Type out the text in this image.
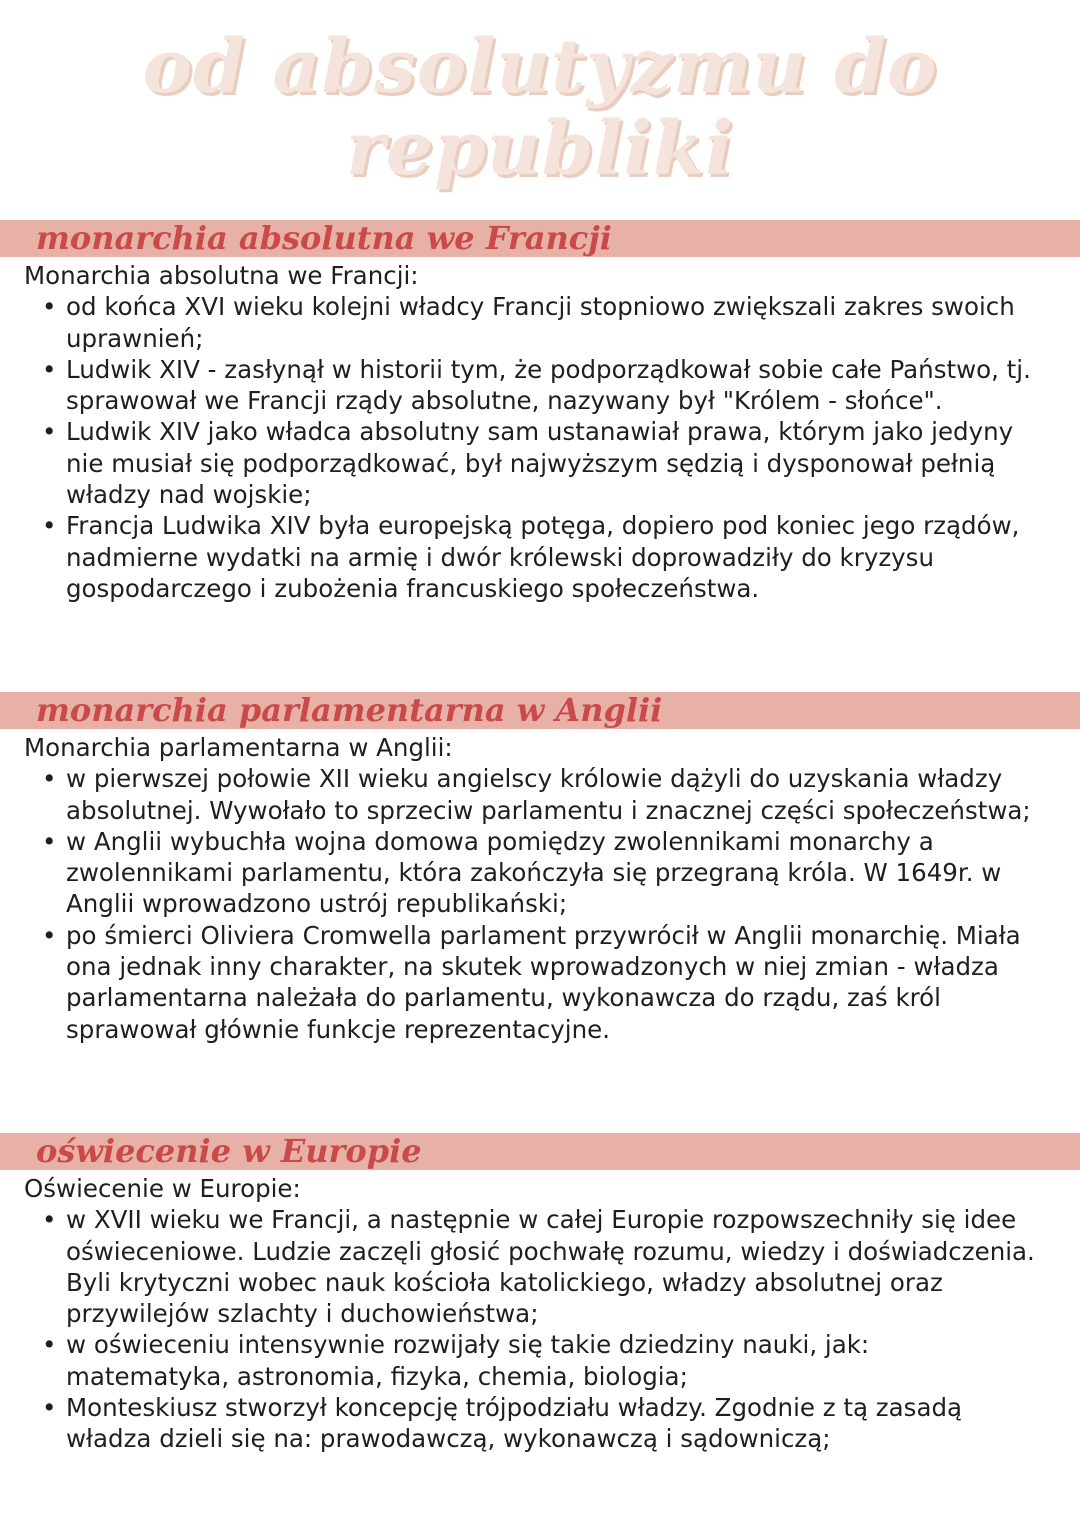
od absolutyzmu do
republiki
monarchia absolutna we Francji

Monarchia absolutna we Francji:

• od końca XVI wieku kolejni władcy Francji stopniowo zwiększali zakres swoich uprawnień;
• Ludwik XIV - zasłynął w historii tym, że podporządkował sobie całe Państwo, tj. sprawował we Francji rządy absolutne, nazywany był "Królem - słońce".
• Ludwik XIV jako władca absolutny sam ustanawiał prawa, którym jako jedyny nie musiał się podporządkować, był najwyższym sędzią i dysponował pełnią władzy nad wojskie;
• Francja Ludwika XIV była europejską potęga, dopiero pod koniec jego rządów, nadmierne wydatki na armię i dwór królewski doprowadziły do kryzysu gospodarczego i zubożenia francuskiego społeczeństwa.
monarchia parlamentarna w Anglii

Monarchia parlamentarna w Anglii:

• w pierwszej połowie XII wieku angielscy królowie dążyli do uzyskania władzy absolutnej. Wywołało to sprzeciw parlamentu i znacznej części społeczeństwa;
• w Anglii wybuchła wojna domowa pomiędzy zwolennikami monarchy a zwolennikami parlamentu, która zakończyła się przegraną króla. W 1649r. w Anglii wprowadzono ustrój republikański;
• po śmierci Oliviera Cromwella parlament przywrócił w Anglii monarchię. Miała ona jednak inny charakter, na skutek wprowadzonych w niej zmian - władza parlamentarna należała do parlamentu, wykonawcza do rządu, zaś król sprawował głównie funkcje reprezentacyjne.
oświecenie w Europie

Oświecenie w Europie:

• w XVII wieku we Francji, a następnie w całej Europie rozpowszechniły się idee oświeceniowe. Ludzie zaczęli głosić pochwałę rozumu, wiedzy i doświadczenia. Byli krytyczni wobec nauk kościoła katolickiego, władzy absolutnej oraz przywilejów szlachty i duchowieństwa;
• w oświeceniu intensywnie rozwijały się takie dziedziny nauki, jak: matematyka, astronomia, fizyka, chemia, biologia;
• Monteskiusz stworzył koncepcję trójpodziału władzy. Zgodnie z tą zasadą władza dzieli się na: prawodawczą, wykonawczą i sądowniczą;
